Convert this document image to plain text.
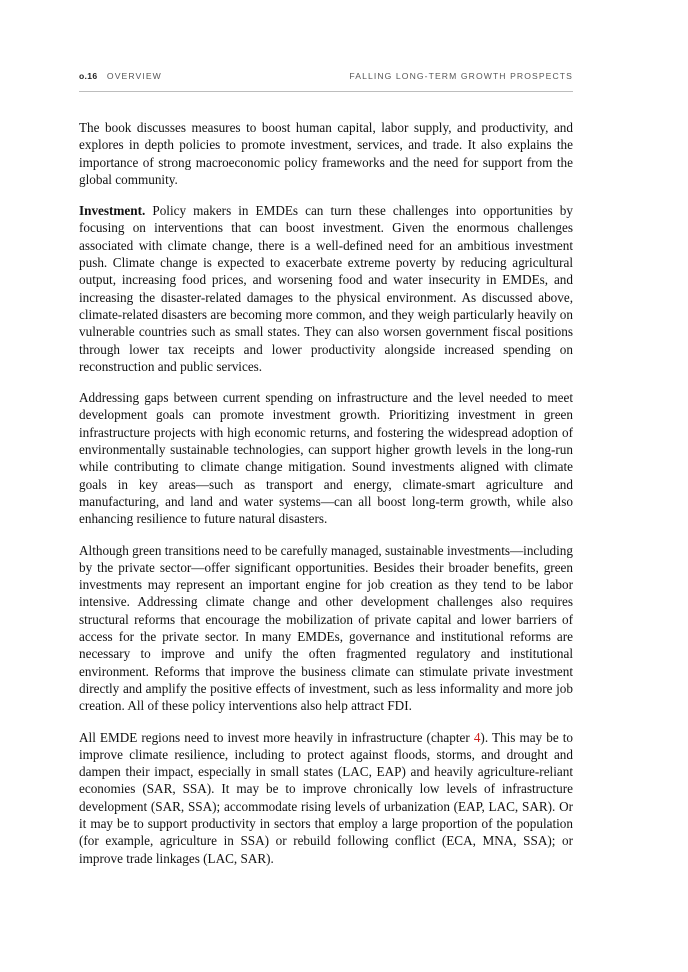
o.16 OVERVIEW	FALLING LONG-TERM GROWTH PROSPECTS

The book discusses measures to boost human capital, labor supply, and productivity, and explores in depth policies to promote investment, services, and trade. It also explains the importance of strong macroeconomic policy frameworks and the need for support from the global community.

Investment. Policy makers in EMDEs can turn these challenges into opportunities by focusing on interventions that can boost investment. Given the enormous challenges associated with climate change, there is a well-defined need for an ambitious investment push. Climate change is expected to exacerbate extreme poverty by reducing agricultural output, increasing food prices, and worsening food and water insecurity in EMDEs, and increasing the disaster-related damages to the physical environment. As discussed above, climate-related disasters are becoming more common, and they weigh particularly heavily on vulnerable countries such as small states. They can also worsen government fiscal positions through lower tax receipts and lower productivity alongside increased spending on reconstruction and public services.

Addressing gaps between current spending on infrastructure and the level needed to meet development goals can promote investment growth. Prioritizing investment in green infrastructure projects with high economic returns, and fostering the widespread adoption of environmentally sustainable technologies, can support higher growth levels in the long-run while contributing to climate change mitigation. Sound investments aligned with climate goals in key areas—such as transport and energy, climate-smart agriculture and manufacturing, and land and water systems—can all boost long-term growth, while also enhancing resilience to future natural disasters.

Although green transitions need to be carefully managed, sustainable investments—including by the private sector—offer significant opportunities. Besides their broader benefits, green investments may represent an important engine for job creation as they tend to be labor intensive. Addressing climate change and other development challenges also requires structural reforms that encourage the mobilization of private capital and lower barriers of access for the private sector. In many EMDEs, governance and institutional reforms are necessary to improve and unify the often fragmented regulatory and institutional environment. Reforms that improve the business climate can stimulate private investment directly and amplify the positive effects of investment, such as less informality and more job creation. All of these policy interventions also help attract FDI.

All EMDE regions need to invest more heavily in infrastructure (chapter 4). This may be to improve climate resilience, including to protect against floods, storms, and drought and dampen their impact, especially in small states (LAC, EAP) and heavily agriculture-reliant economies (SAR, SSA). It may be to improve chronically low levels of infrastructure development (SAR, SSA); accommodate rising levels of urbanization (EAP, LAC, SAR). Or it may be to support productivity in sectors that employ a large proportion of the population (for example, agriculture in SSA) or rebuild following conflict (ECA, MNA, SSA); or improve trade linkages (LAC, SAR).
